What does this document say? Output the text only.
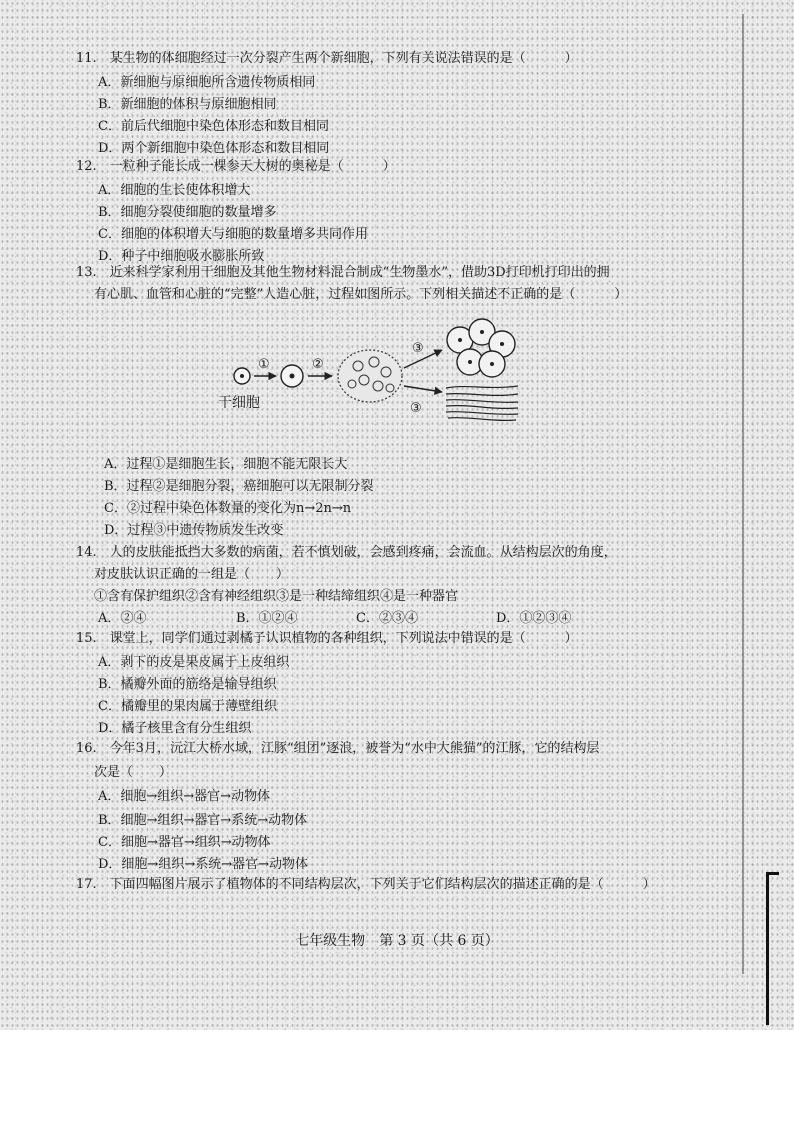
11.　某生物的体细胞经过一次分裂产生两个新细胞，下列有关说法错误的是（　　　）
A．新细胞与原细胞所含遗传物质相同
B．新细胞的体积与原细胞相同
C．前后代细胞中染色体形态和数目相同
D．两个新细胞中染色体形态和数目相同
12.　一粒种子能长成一棵参天大树的奥秘是（　　　）
A．细胞的生长使体积增大
B．细胞分裂使细胞的数量增多
C．细胞的体积增大与细胞的数量增多共同作用
D．种子中细胞吸水膨胀所致
13.　近来科学家利用干细胞及其他生物材料混合制成“生物墨水”，借助3D打印机打印出的拥
有心肌、血管和心脏的“完整”人造心脏，过程如图所示。下列相关描述不正确的是（　　　）
①	②
③
③
干细胞
A．过程①是细胞生长，细胞不能无限长大
B．过程②是细胞分裂，癌细胞可以无限制分裂
C．②过程中染色体数量的变化为n→2n→n
D．过程③中遗传物质发生改变
14.　人的皮肤能抵挡大多数的病菌，若不慎划破，会感到疼痛，会流血。从结构层次的角度，
对皮肤认识正确的一组是（　　）
①含有保护组织②含有神经组织③是一种结缔组织④是一种器官
A．②④	B．①②④	C．②③④	D．①②③④
15.　课堂上，同学们通过剥橘子认识植物的各种组织，下列说法中错误的是（　　　）
A．剥下的皮是果皮属于上皮组织
B．橘瓣外面的筋络是输导组织
C．橘瓣里的果肉属于薄壁组织
D．橘子核里含有分生组织
16.　今年3月，沅江大桥水域，江豚“组团”逐浪，被誉为“水中大熊猫”的江豚，它的结构层
次是（　　）
A．细胞→组织→器官→动物体
B．细胞→组织→器官→系统→动物体
C．细胞→器官→组织→动物体
D．细胞→组织→系统→器官→动物体
17.　下面四幅图片展示了植物体的不同结构层次，下列关于它们结构层次的描述正确的是（　　　）
七年级生物　第 3 页（共 6 页）
